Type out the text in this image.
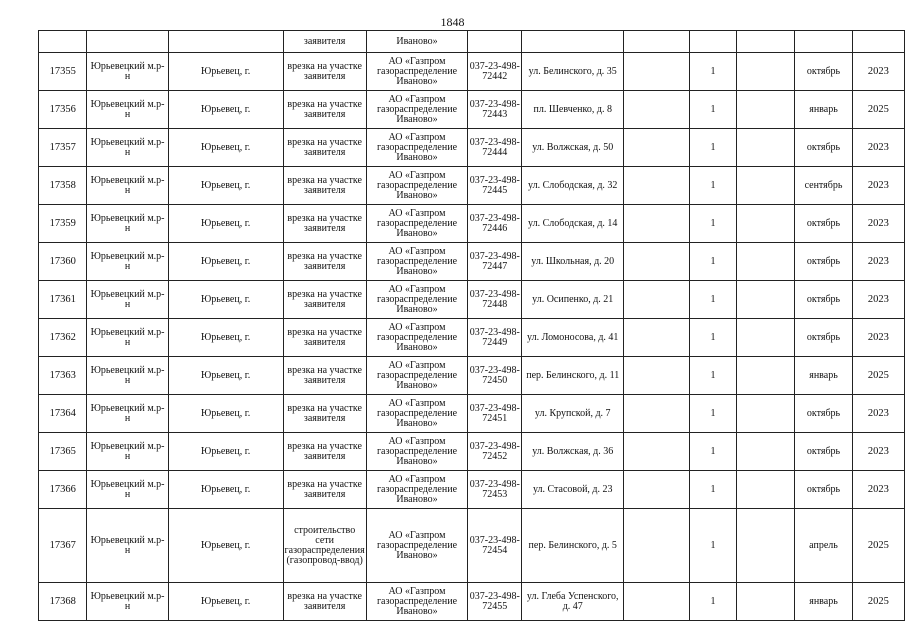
1848
			заявителя	Иваново»							
17355	Юрьевецкий м.р-н	Юрьевец, г.	врезка на участке заявителя	АО «Газпром газораспределение Иваново»	037-23-498-72442	ул. Белинского, д. 35		1		октябрь	2023
17356	Юрьевецкий м.р-н	Юрьевец, г.	врезка на участке заявителя	АО «Газпром газораспределение Иваново»	037-23-498-72443	пл. Шевченко, д. 8		1		январь	2025
17357	Юрьевецкий м.р-н	Юрьевец, г.	врезка на участке заявителя	АО «Газпром газораспределение Иваново»	037-23-498-72444	ул. Волжская, д. 50		1		октябрь	2023
17358	Юрьевецкий м.р-н	Юрьевец, г.	врезка на участке заявителя	АО «Газпром газораспределение Иваново»	037-23-498-72445	ул. Слободская, д. 32		1		сентябрь	2023
17359	Юрьевецкий м.р-н	Юрьевец, г.	врезка на участке заявителя	АО «Газпром газораспределение Иваново»	037-23-498-72446	ул. Слободская, д. 14		1		октябрь	2023
17360	Юрьевецкий м.р-н	Юрьевец, г.	врезка на участке заявителя	АО «Газпром газораспределение Иваново»	037-23-498-72447	ул. Школьная, д. 20		1		октябрь	2023
17361	Юрьевецкий м.р-н	Юрьевец, г.	врезка на участке заявителя	АО «Газпром газораспределение Иваново»	037-23-498-72448	ул. Осипенко, д. 21		1		октябрь	2023
17362	Юрьевецкий м.р-н	Юрьевец, г.	врезка на участке заявителя	АО «Газпром газораспределение Иваново»	037-23-498-72449	ул. Ломоносова, д. 41		1		октябрь	2023
17363	Юрьевецкий м.р-н	Юрьевец, г.	врезка на участке заявителя	АО «Газпром газораспределение Иваново»	037-23-498-72450	пер. Белинского, д. 11		1		январь	2025
17364	Юрьевецкий м.р-н	Юрьевец, г.	врезка на участке заявителя	АО «Газпром газораспределение Иваново»	037-23-498-72451	ул. Крупской, д. 7		1		октябрь	2023
17365	Юрьевецкий м.р-н	Юрьевец, г.	врезка на участке заявителя	АО «Газпром газораспределение Иваново»	037-23-498-72452	ул. Волжская, д. 36		1		октябрь	2023
17366	Юрьевецкий м.р-н	Юрьевец, г.	врезка на участке заявителя	АО «Газпром газораспределение Иваново»	037-23-498-72453	ул. Стасовой, д. 23		1		октябрь	2023
17367	Юрьевецкий м.р-н	Юрьевец, г.	строительство сети газораспределения (газопровод-ввод)	АО «Газпром газораспределение Иваново»	037-23-498-72454	пер. Белинского, д. 5		1		апрель	2025
17368	Юрьевецкий м.р-н	Юрьевец, г.	врезка на участке заявителя	АО «Газпром газораспределение Иваново»	037-23-498-72455	ул. Глеба Успенского, д. 47		1		январь	2025
